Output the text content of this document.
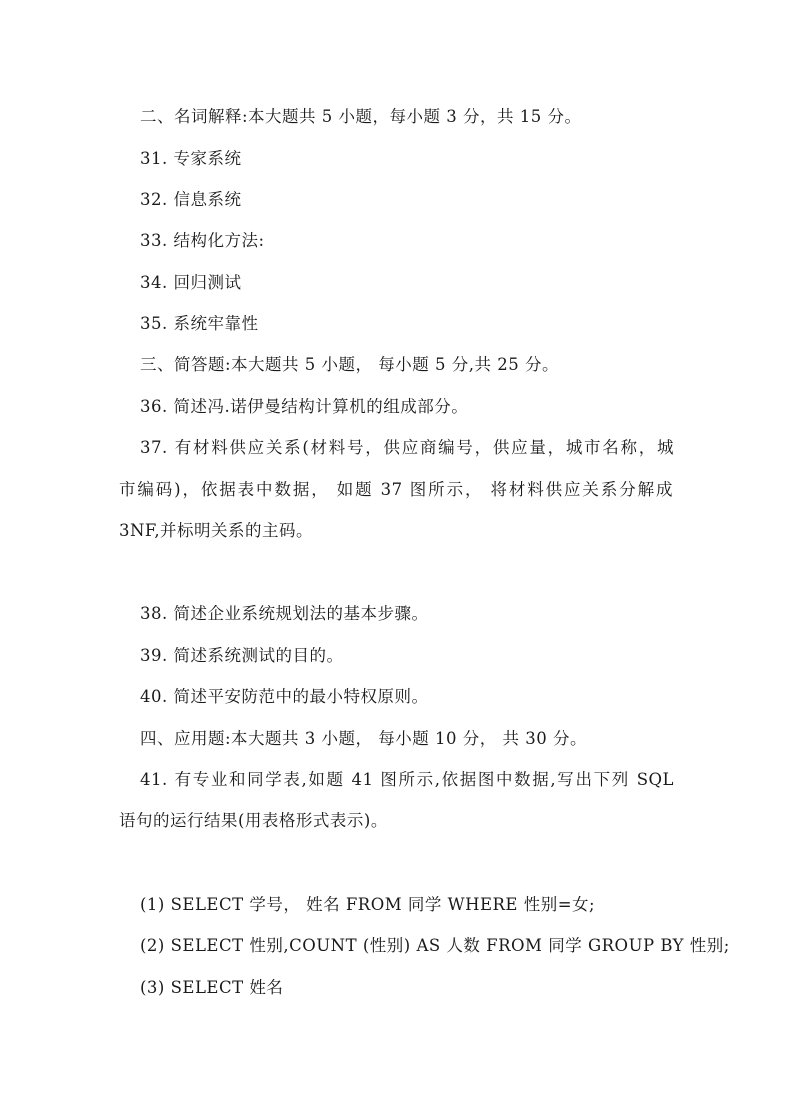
二、名词解释:本大题共 5 小题，每小题 3 分，共 15 分。
31. 专家系统
32. 信息系统
33. 结构化方法:
34. 回归测试
35. 系统牢靠性
三、简答题:本大题共 5 小题， 每小题 5 分,共 25 分。
36. 简述冯.诺伊曼结构计算机的组成部分。
37. 有材料供应关系(材料号，供应商编号，供应量，城市名称，城
市编码)，依据表中数据， 如题 37 图所示， 将材料供应关系分解成
3NF,并标明关系的主码。
38. 简述企业系统规划法的基本步骤。
39. 简述系统测试的目的。
40. 简述平安防范中的最小特权原则。
四、应用题:本大题共 3 小题， 每小题 10 分， 共 30 分。
41. 有专业和同学表,如题 41 图所示,依据图中数据,写出下列 SQL
语句的运行结果(用表格形式表示)。
(1) SELECT 学号， 姓名 FROM 同学 WHERE 性别=女;
(2) SELECT 性别,COUNT (性别) AS 人数 FROM 同学 GROUP BY 性别;
(3) SELECT 姓名
